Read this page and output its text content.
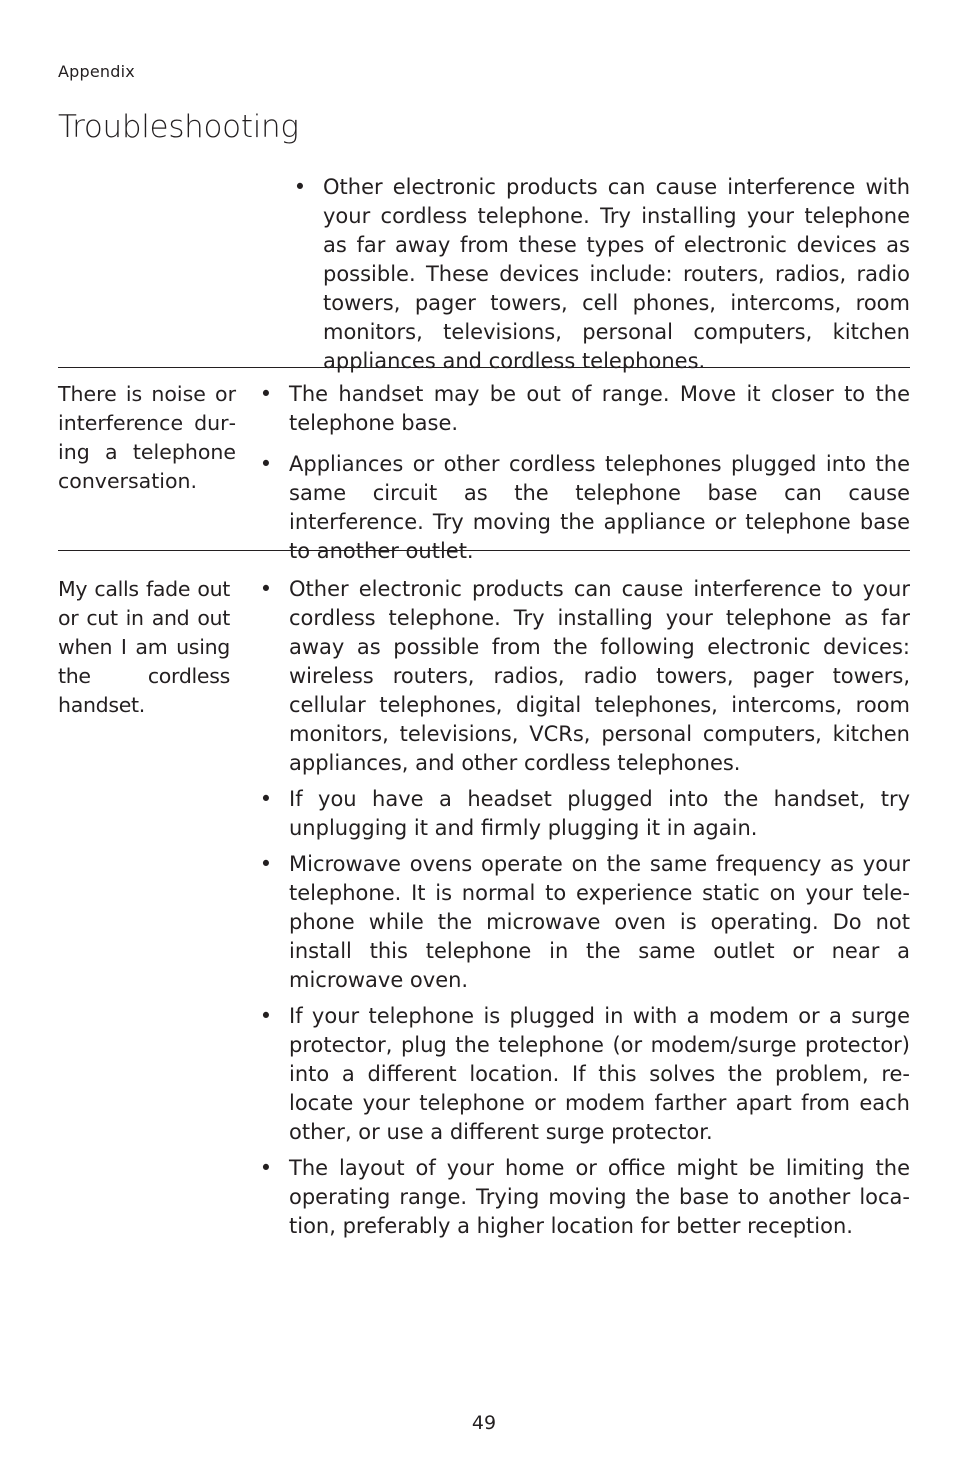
Appendix
Troubleshooting
• Other electronic products can cause interference with your cordless telephone. Try installing your telephone as far away from these types of electronic devices as possible. These devices include: routers, radios, radio towers, pager towers, cell phones, intercoms, room monitors, televisions, personal computers, kitchen appliances and cordless telephones.
There is noise or interference during a telephone conversation.
• The handset may be out of range. Move it closer to the telephone base.
• Appliances or other cordless telephones plugged into the same circuit as the telephone base can cause interference. Try moving the appliance or telephone base to another outlet.
My calls fade out or cut in and out when I am using the cordless handset.
• Other electronic products can cause interference to your cordless telephone. Try installing your telephone as far away as possible from the following electronic devices: wireless routers, radios, radio towers, pager towers, cellular telephones, digital telephones, intercoms, room monitors, televisions, VCRs, personal computers, kitchen appliances, and other cordless telephones.
• If you have a headset plugged into the handset, try unplugging it and firmly plugging it in again.
• Microwave ovens operate on the same frequency as your telephone. It is normal to experience static on your telephone while the microwave oven is operating. Do not install this telephone in the same outlet or near a microwave oven.
• If your telephone is plugged in with a modem or a surge protector, plug the telephone (or modem/surge protector) into a different location. If this solves the problem, re-locate your telephone or modem farther apart from each other, or use a different surge protector.
• The layout of your home or office might be limiting the operating range. Trying moving the base to another location, preferably a higher location for better reception.
49
